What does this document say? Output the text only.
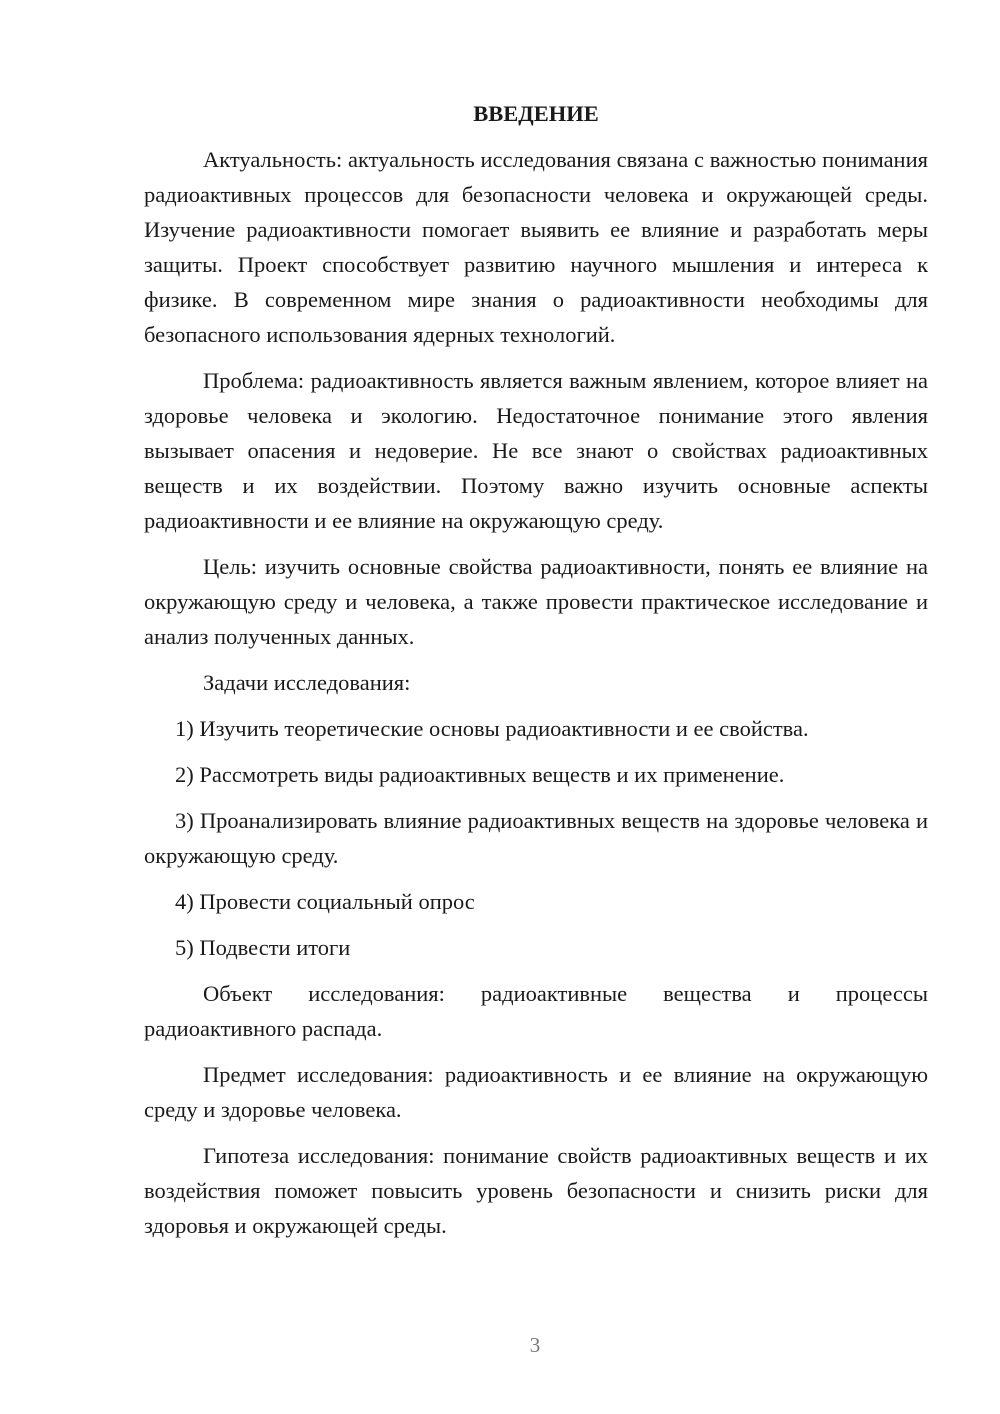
ВВЕДЕНИЕ

Актуальность: актуальность исследования связана с важностью понимания радиоактивных процессов для безопасности человека и окружающей среды. Изучение радиоактивности помогает выявить ее влияние и разработать меры защиты. Проект способствует развитию научного мышления и интереса к физике. В современном мире знания о радиоактивности необходимы для безопасного использования ядерных технологий.

Проблема: радиоактивность является важным явлением, которое влияет на здоровье человека и экологию. Недостаточное понимание этого явления вызывает опасения и недоверие. Не все знают о свойствах радиоактивных веществ и их воздействии. Поэтому важно изучить основные аспекты радиоактивности и ее влияние на окружающую среду.

Цель: изучить основные свойства радиоактивности, понять ее влияние на окружающую среду и человека, а также провести практическое исследование и анализ полученных данных.

Задачи исследования:

1) Изучить теоретические основы радиоактивности и ее свойства.

2) Рассмотреть виды радиоактивных веществ и их применение.

3) Проанализировать влияние радиоактивных веществ на здоровье человека и окружающую среду.

4) Провести социальный опрос

5) Подвести итоги

Объект исследования: радиоактивные вещества и процессы радиоактивного распада.

Предмет исследования: радиоактивность и ее влияние на окружающую среду и здоровье человека.

Гипотеза исследования: понимание свойств радиоактивных веществ и их воздействия поможет повысить уровень безопасности и снизить риски для здоровья и окружающей среды.

3
